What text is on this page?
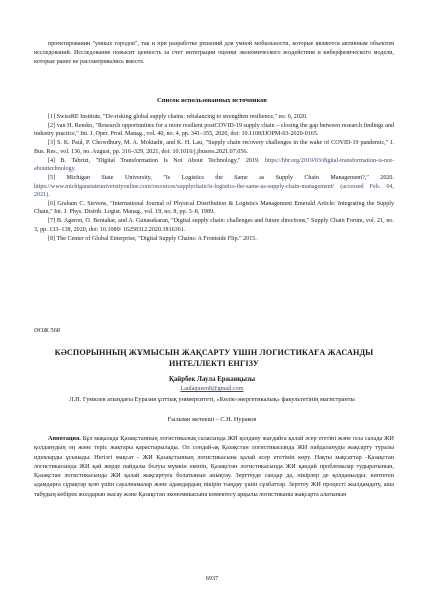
проектировании "умных городов", так и при разработке решений для умной мобильности, которые являются активным объектом исследований. Исследование повысит ценность за счет интеграции оценки экономического воздействия и киберфизического модели, которые ранее не рассматривались вместе.
Список использованных источников
[1] SwissRE Institute, "De-risking global supply chains: rebalancing to strengthen resilience," no. 6, 2020.
[2] van H. Remko, "Research opportunities for a more resilient postCOVID-19 supply chain – closing the gap between research findings and industry practice," Int. J. Oper. Prod. Manag., vol. 40, no. 4, pp. 341–355, 2020, doi: 10.1108/IJOPM-03-2020-0165.
[3] S. K. Paul, P. Chowdhury, M. A. Moktadir, and K. H. Lau, "Supply chain recovery challenges in the wake of COVID-19 pandemic," J. Bus. Res., vol. 136, no. August, pp. 316–329, 2021, doi: 10.1016/j.jbusres.2021.07.056.
[4] B. Tabrizi, "Digital Transformation Is Not About Technology," 2019. https://hbr.org/2019/03/digital-transformation-is-not-abouttechnology.
[5] Michigan State University, "Is Logistics the Same as Supply Chain Management?," 2020. https://www.michiganstateuniversityonline.com/resources/supplychain/is-logistics-the-same-as-supply-chain-management/ (accessed Feb. 04, 2021).
[6] Graham C. Stevens, "International Journal of Physical Distribution & Logistics Management Emerald Article: Integrating the Supply Chain," Int. J. Phys. Distrib. Logist. Manag., vol. 19, no. 8, pp. 3–8, 1989.
[7] B. Ageron, O. Bentahar, and A. Gunasekaran, "Digital supply chain: challenges and future directions," Supply Chain Forum, vol. 21, no. 3, pp. 133–138, 2020, doi: 10.1080/ 16258312.2020.1816361.
[8] The Center of Global Enterprise, "Digital Supply Chains: A Frontside Flip." 2015.
ӘОЖ 568
КӘСПОРЫННЫҢ ЖҰМЫСЫН ЖАҚСАРТУ ҮШІН ЛОГИСТИКАҒА ЖАСАНДЫ ИНТЕЛЛЕКТІ ЕНГІЗУ
Қайрбек Лаула Ержанқызы
Laulaqueen8@gmail.com
Л.Н. Гумилев атындағы Еуразия ұлттық университеті, «Көлік-энергетикалық» факультетінің магистранты
Ғылыми жетекші – С.Н. Нураков
Аннотация. Бұл мақалада Қазақстанның логистикалық саласында ЖИ қолдану жағдайға қалай әсер ететіні және осы салада ЖИ қолданудың оң және теріс жақтары қарастырылады. Ол сондай-ақ Қазақстан логистикасында ЖИ пайдалануды жақсарту туралы идеяларды ұсынады. Негізгі мақсат - ЖИ Қазақстанның логистикасына қалай әсер ететінін көру. Нақты мақсаттар -Қазақстан логистикасында ЖИ қай жерде пайдалы болуы мүмкін екенін, Қазақстан логистикасында ЖИ қандай проблемалар тудыратынын, Қазақстан логистикасында ЖИ қалай жақсартуға болатынын анықтау. Зерттеуде сандар да, пікірлер де қолданылды: көптеген адамдарға сұрақтар қою үшін сауалнамалар және адамдардың пікірін тыңдау үшін сұхбаттар. Зерттеу ЖИ процесті жылдамдату, аша табудың көбірек жолдарын жасау және Қазақстан экономикасына көмектесу арқылы логистиканы жақсарта алатынын
6937
